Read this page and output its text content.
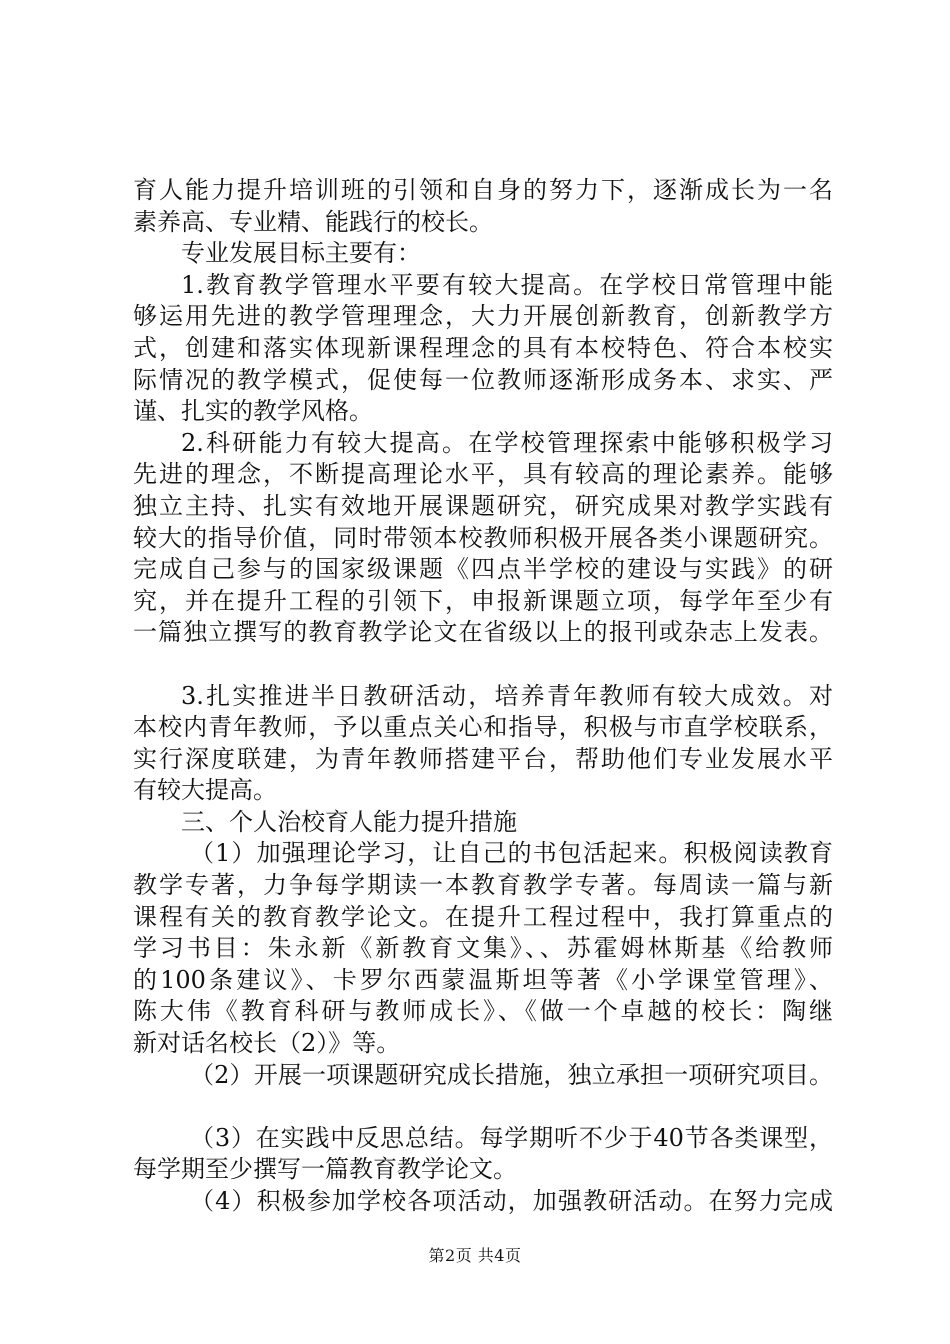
育人能力提升培训班的引领和自身的努力下，逐渐成长为一名
素养高、专业精、能践行的校长。
专业发展目标主要有：
1.教育教学管理水平要有较大提高。在学校日常管理中能
够运用先进的教学管理理念，大力开展创新教育，创新教学方
式，创建和落实体现新课程理念的具有本校特色、符合本校实
际情况的教学模式，促使每一位教师逐渐形成务本、求实、严
谨、扎实的教学风格。
2.科研能力有较大提高。在学校管理探索中能够积极学习
先进的理念，不断提高理论水平，具有较高的理论素养。能够
独立主持、扎实有效地开展课题研究，研究成果对教学实践有
较大的指导价值，同时带领本校教师积极开展各类小课题研究。
完成自己参与的国家级课题《四点半学校的建设与实践》的研
究，并在提升工程的引领下，申报新课题立项，每学年至少有
一篇独立撰写的教育教学论文在省级以上的报刊或杂志上发表。
3.扎实推进半日教研活动，培养青年教师有较大成效。对
本校内青年教师，予以重点关心和指导，积极与市直学校联系，
实行深度联建，为青年教师搭建平台，帮助他们专业发展水平
有较大提高。
三、个人治校育人能力提升措施
（1）加强理论学习，让自己的书包活起来。积极阅读教育
教学专著，力争每学期读一本教育教学专著。每周读一篇与新
课程有关的教育教学论文。在提升工程过程中，我打算重点的
学习书目：朱永新《新教育文集》、、苏霍姆林斯基《给教师
的100条建议》、卡罗尔西蒙温斯坦等著《小学课堂管理》、
陈大伟《教育科研与教师成长》、《做一个卓越的校长：陶继
新对话名校长（2）》等。
（2）开展一项课题研究成长措施，独立承担一项研究项目。
（3）在实践中反思总结。每学期听不少于40节各类课型，
每学期至少撰写一篇教育教学论文。
（4）积极参加学校各项活动，加强教研活动。在努力完成
第2页 共4页
